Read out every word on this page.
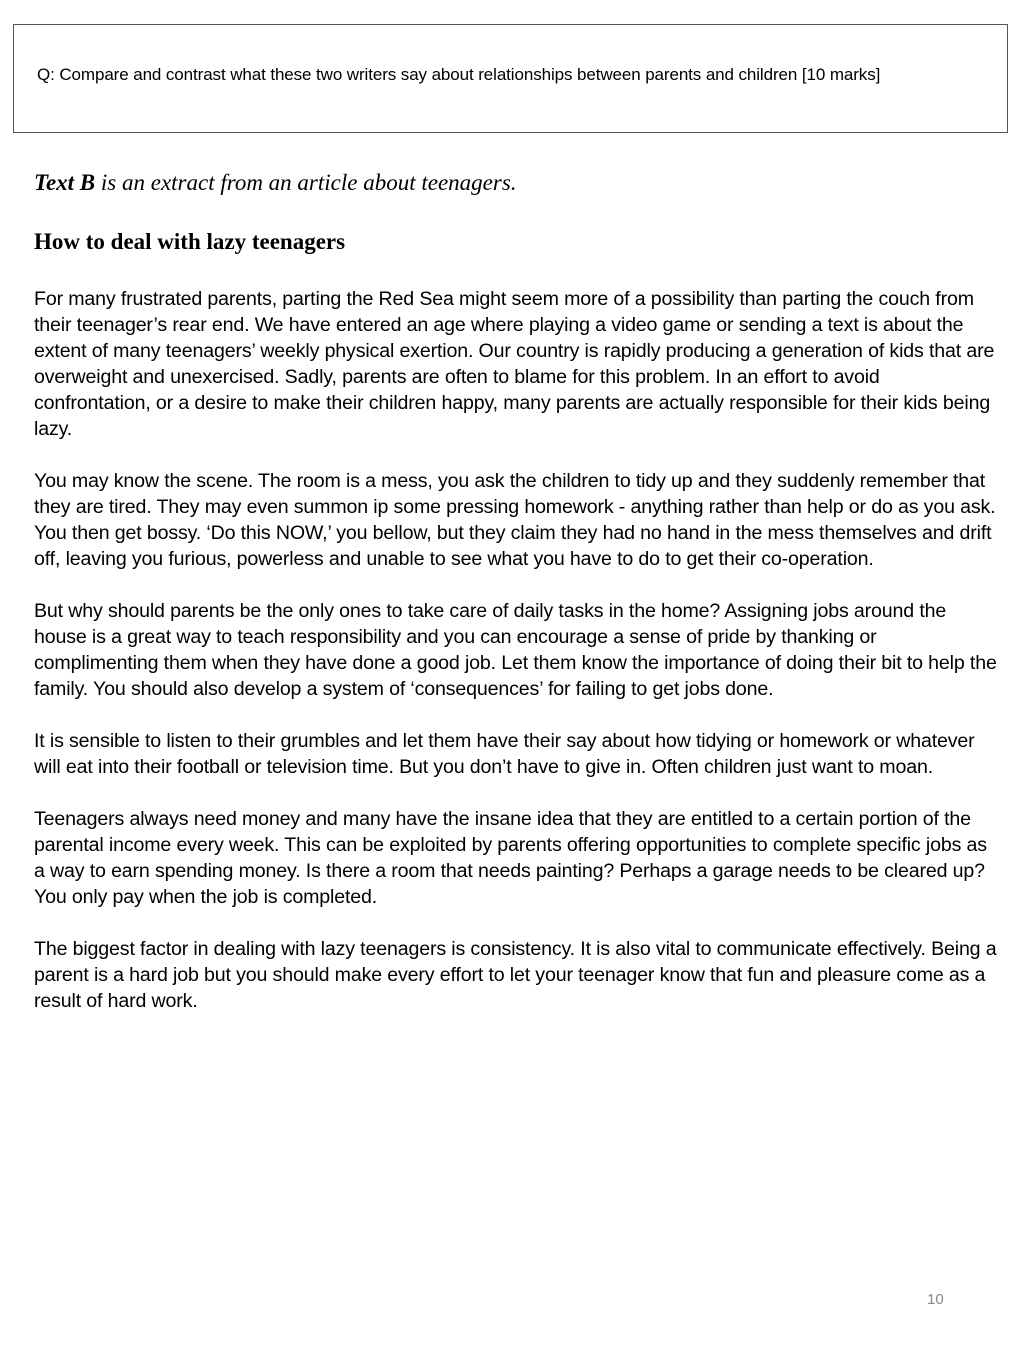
Q: Compare and contrast what these two writers say about relationships between parents and children [10 marks]
Text B is an extract from an article about teenagers.
How to deal with lazy teenagers

For many frustrated parents, parting the Red Sea might seem more of a possibility than parting the couch from their teenager’s rear end. We have entered an age where playing a video game or sending a text is about the extent of many teenagers’ weekly physical exertion. Our country is rapidly producing a generation of kids that are overweight and unexercised. Sadly, parents are often to blame for this problem. In an effort to avoid confrontation, or a desire to make their children happy, many parents are actually responsible for their kids being lazy.

You may know the scene. The room is a mess, you ask the children to tidy up and they suddenly remember that they are tired. They may even summon ip some pressing homework - anything rather than help or do as you ask. You then get bossy. ‘Do this NOW,’ you bellow, but they claim they had no hand in the mess themselves and drift off, leaving you furious, powerless and unable to see what you have to do to get their co-operation.

But why should parents be the only ones to take care of daily tasks in the home? Assigning jobs around the house is a great way to teach responsibility and you can encourage a sense of pride by thanking or complimenting them when they have done a good job. Let them know the importance of doing their bit to help the family. You should also develop a system of ‘consequences’ for failing to get jobs done.

It is sensible to listen to their grumbles and let them have their say about how tidying or homework or whatever will eat into their football or television time. But you don’t have to give in. Often children just want to moan.

Teenagers always need money and many have the insane idea that they are entitled to a certain portion of the parental income every week. This can be exploited by parents offering opportunities to complete specific jobs as a way to earn spending money. Is there a room that needs painting? Perhaps a garage needs to be cleared up? You only pay when the job is completed.

The biggest factor in dealing with lazy teenagers is consistency. It is also vital to communicate effectively. Being a parent is a hard job but you should make every effort to let your teenager know that fun and pleasure come as a result of hard work.

10
